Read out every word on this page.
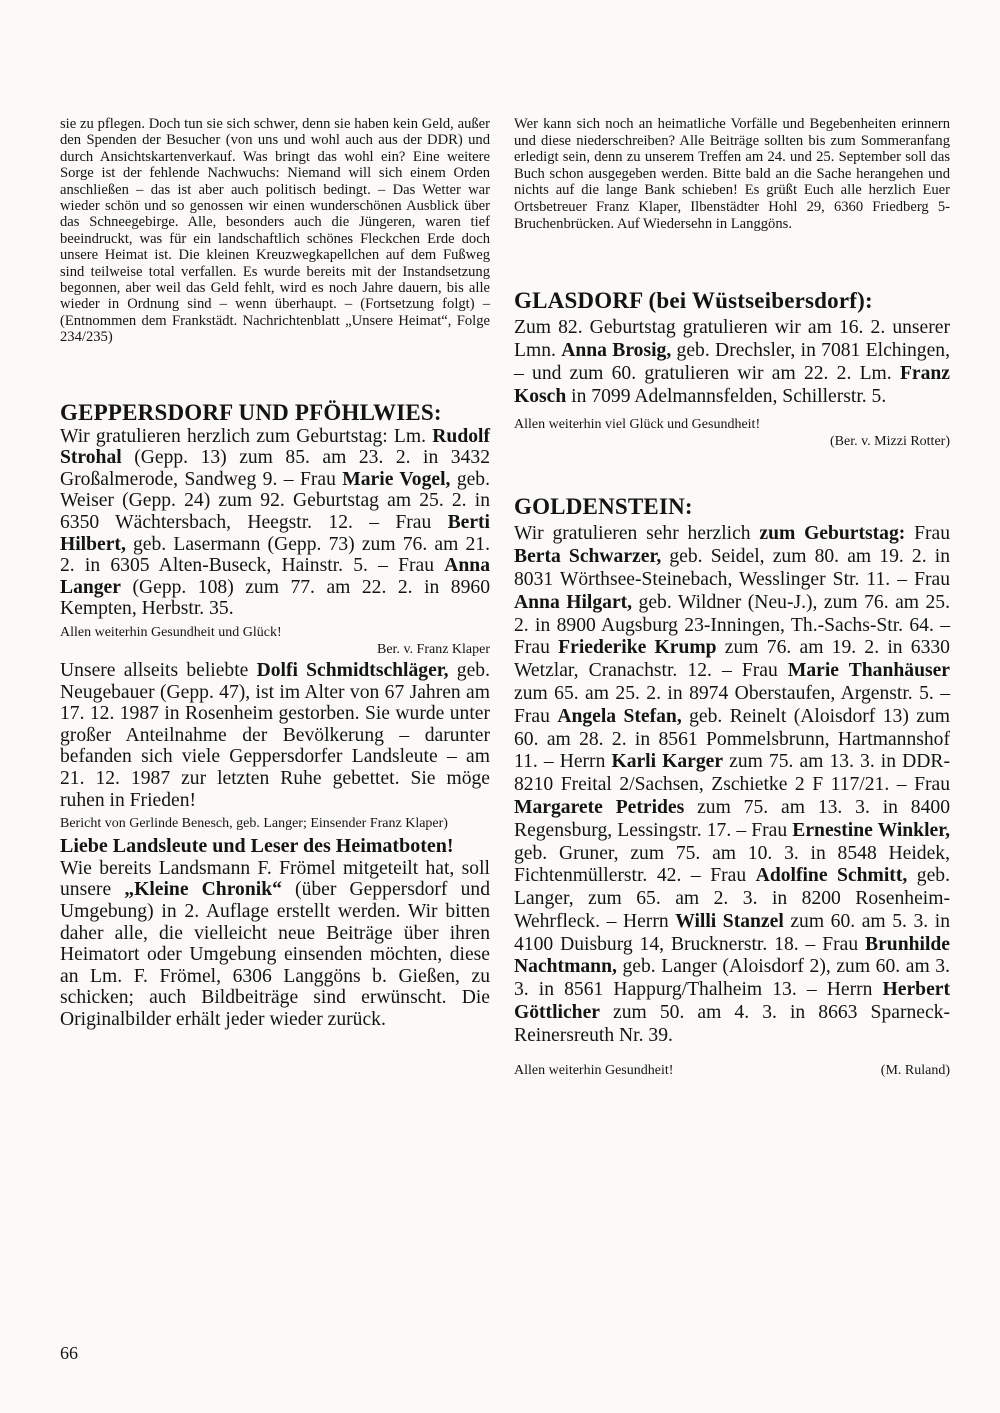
sie zu pflegen. Doch tun sie sich schwer, denn sie haben kein Geld, außer den Spenden der Besucher (von uns und wohl auch aus der DDR) und durch Ansichtskartenverkauf. Was bringt das wohl ein? Eine weitere Sorge ist der fehlende Nachwuchs: Niemand will sich einem Orden anschließen – das ist aber auch politisch bedingt. – Das Wetter war wieder schön und so genossen wir einen wunderschönen Ausblick über das Schneegebirge. Alle, besonders auch die Jüngeren, waren tief beeindruckt, was für ein landschaftlich schönes Fleckchen Erde doch unsere Heimat ist. Die kleinen Kreuzwegkapellchen auf dem Fußweg sind teilweise total verfallen. Es wurde bereits mit der Instandsetzung begonnen, aber weil das Geld fehlt, wird es noch Jahre dauern, bis alle wieder in Ordnung sind – wenn überhaupt. – (Fortsetzung folgt) – (Entnommen dem Frankstädt. Nachrichtenblatt „Unsere Heimat“, Folge 234/235)

GEPPERSDORF UND PFÖHLWIES:

Wir gratulieren herzlich zum Geburtstag: Lm. Rudolf Strohal (Gepp. 13) zum 85. am 23. 2. in 3432 Großalmerode, Sandweg 9. – Frau Marie Vogel, geb. Weiser (Gepp. 24) zum 92. Geburtstag am 25. 2. in 6350 Wächtersbach, Heegstr. 12. – Frau Berti Hilbert, geb. Lasermann (Gepp. 73) zum 76. am 21. 2. in 6305 Alten-Buseck, Hainstr. 5. – Frau Anna Langer (Gepp. 108) zum 77. am 22. 2. in 8960 Kempten, Herbstr. 35.

Allen weiterhin Gesundheit und Glück!

Ber. v. Franz Klaper

Unsere allseits beliebte Dolfi Schmidtschläger, geb. Neugebauer (Gepp. 47), ist im Alter von 67 Jahren am 17. 12. 1987 in Rosenheim gestorben. Sie wurde unter großer Anteilnahme der Bevölkerung – darunter befanden sich viele Geppersdorfer Landsleute – am 21. 12. 1987 zur letzten Ruhe gebettet. Sie möge ruhen in Frieden!

Bericht von Gerlinde Benesch, geb. Langer; Einsender Franz Klaper)

Liebe Landsleute und Leser des Heimatboten!

Wie bereits Landsmann F. Frömel mitgeteilt hat, soll unsere „Kleine Chronik“ (über Geppersdorf und Umgebung) in 2. Auflage erstellt werden. Wir bitten daher alle, die vielleicht neue Beiträge über ihren Heimatort oder Umgebung einsenden möchten, diese an Lm. F. Frömel, 6306 Langgöns b. Gießen, zu schicken; auch Bildbeiträge sind erwünscht. Die Originalbilder erhält jeder wieder zurück.

Wer kann sich noch an heimatliche Vorfälle und Begebenheiten erinnern und diese niederschreiben? Alle Beiträge sollten bis zum Sommeranfang erledigt sein, denn zu unserem Treffen am 24. und 25. September soll das Buch schon ausgegeben werden. Bitte bald an die Sache herangehen und nichts auf die lange Bank schieben! Es grüßt Euch alle herzlich Euer Ortsbetreuer Franz Klaper, Ilbenstädter Hohl 29, 6360 Friedberg 5-Bruchenbrücken. Auf Wiedersehn in Langgöns.

GLASDORF (bei Wüstseibersdorf):

Zum 82. Geburtstag gratulieren wir am 16. 2. unserer Lmn. Anna Brosig, geb. Drechsler, in 7081 Elchingen, – und zum 60. gratulieren wir am 22. 2. Lm. Franz Kosch in 7099 Adelmannsfelden, Schillerstr. 5.

Allen weiterhin viel Glück und Gesundheit!

(Ber. v. Mizzi Rotter)

GOLDENSTEIN:

Wir gratulieren sehr herzlich zum Geburtstag: Frau Berta Schwarzer, geb. Seidel, zum 80. am 19. 2. in 8031 Wörthsee-Steinebach, Wesslinger Str. 11. – Frau Anna Hilgart, geb. Wildner (Neu-J.), zum 76. am 25. 2. in 8900 Augsburg 23-Inningen, Th.-Sachs-Str. 64. – Frau Friederike Krump zum 76. am 19. 2. in 6330 Wetzlar, Cranachstr. 12. – Frau Marie Thanhäuser zum 65. am 25. 2. in 8974 Oberstaufen, Argenstr. 5. – Frau Angela Stefan, geb. Reinelt (Aloisdorf 13) zum 60. am 28. 2. in 8561 Pommelsbrunn, Hartmannshof 11. – Herrn Karli Karger zum 75. am 13. 3. in DDR-8210 Freital 2/Sachsen, Zschietke 2 F 117/21. – Frau Margarete Petrides zum 75. am 13. 3. in 8400 Regensburg, Lessingstr. 17. – Frau Ernestine Winkler, geb. Gruner, zum 75. am 10. 3. in 8548 Heidek, Fichtenmüllerstr. 42. – Frau Adolfine Schmitt, geb. Langer, zum 65. am 2. 3. in 8200 Rosenheim-Wehrfleck. – Herrn Willi Stanzel zum 60. am 5. 3. in 4100 Duisburg 14, Brucknerstr. 18. – Frau Brunhilde Nachtmann, geb. Langer (Aloisdorf 2), zum 60. am 3. 3. in 8561 Happurg/Thalheim 13. – Herrn Herbert Göttlicher zum 50. am 4. 3. in 8663 Sparneck-Reinersreuth Nr. 39.

Allen weiterhin Gesundheit!	(M. Ruland)
66
